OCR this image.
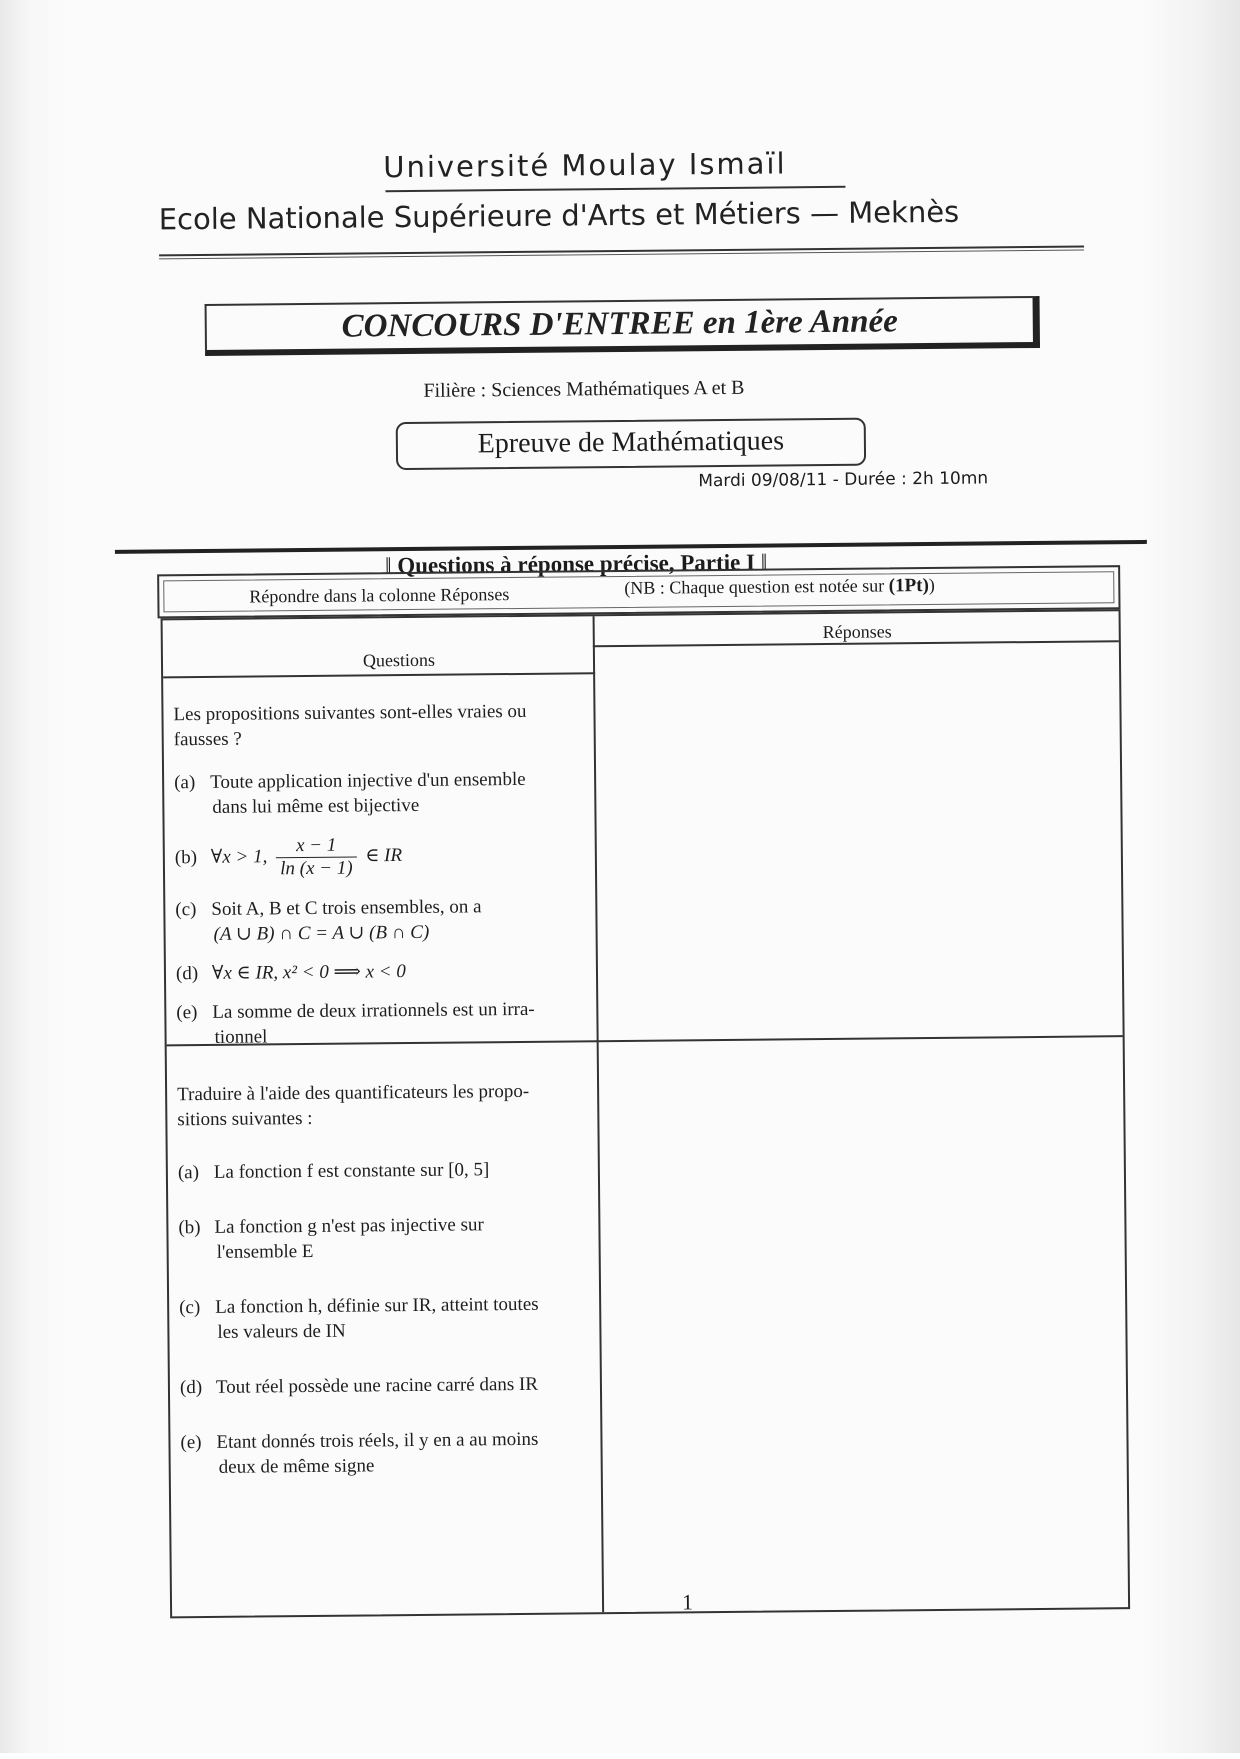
Université Moulay Ismaïl
Ecole Nationale Supérieure d'Arts et Métiers — Meknès
CONCOURS D'ENTREE en 1ère Année
Filière : Sciences Mathématiques A et B
Epreuve de Mathématiques
Mardi 09/08/11 - Durée : 2h 10mn
‖ Questions à réponse précise, Partie I ‖
Répondre dans la colonne Réponses	(NB : Chaque question est notée sur (1Pt))
Questions
Réponses
Les propositions suivantes sont-elles vraies ou fausses ?
(a) Toute application injective d'un ensemble
dans lui même est bijective
(b) ∀x > 1, $\frac{x - 1}{\ln (x - 1)}$ ∈ IR
(c) Soit A, B et C trois ensembles, on a
(A ∪ B) ∩ C = A ∪ (B ∩ C)
(d) ∀x ∈ IR, x² < 0 ⟹ x < 0
(e) La somme de deux irrationnels est un irra-
tionnel
Traduire à l'aide des quantificateurs les propo-
sitions suivantes :
(a) La fonction f est constante sur [0, 5]
(b) La fonction g n'est pas injective sur
l'ensemble E
(c) La fonction h, définie sur IR, atteint toutes
les valeurs de IN
(d) Tout réel possède une racine carré dans IR
(e) Etant donnés trois réels, il y en a au moins
deux de même signe
1
